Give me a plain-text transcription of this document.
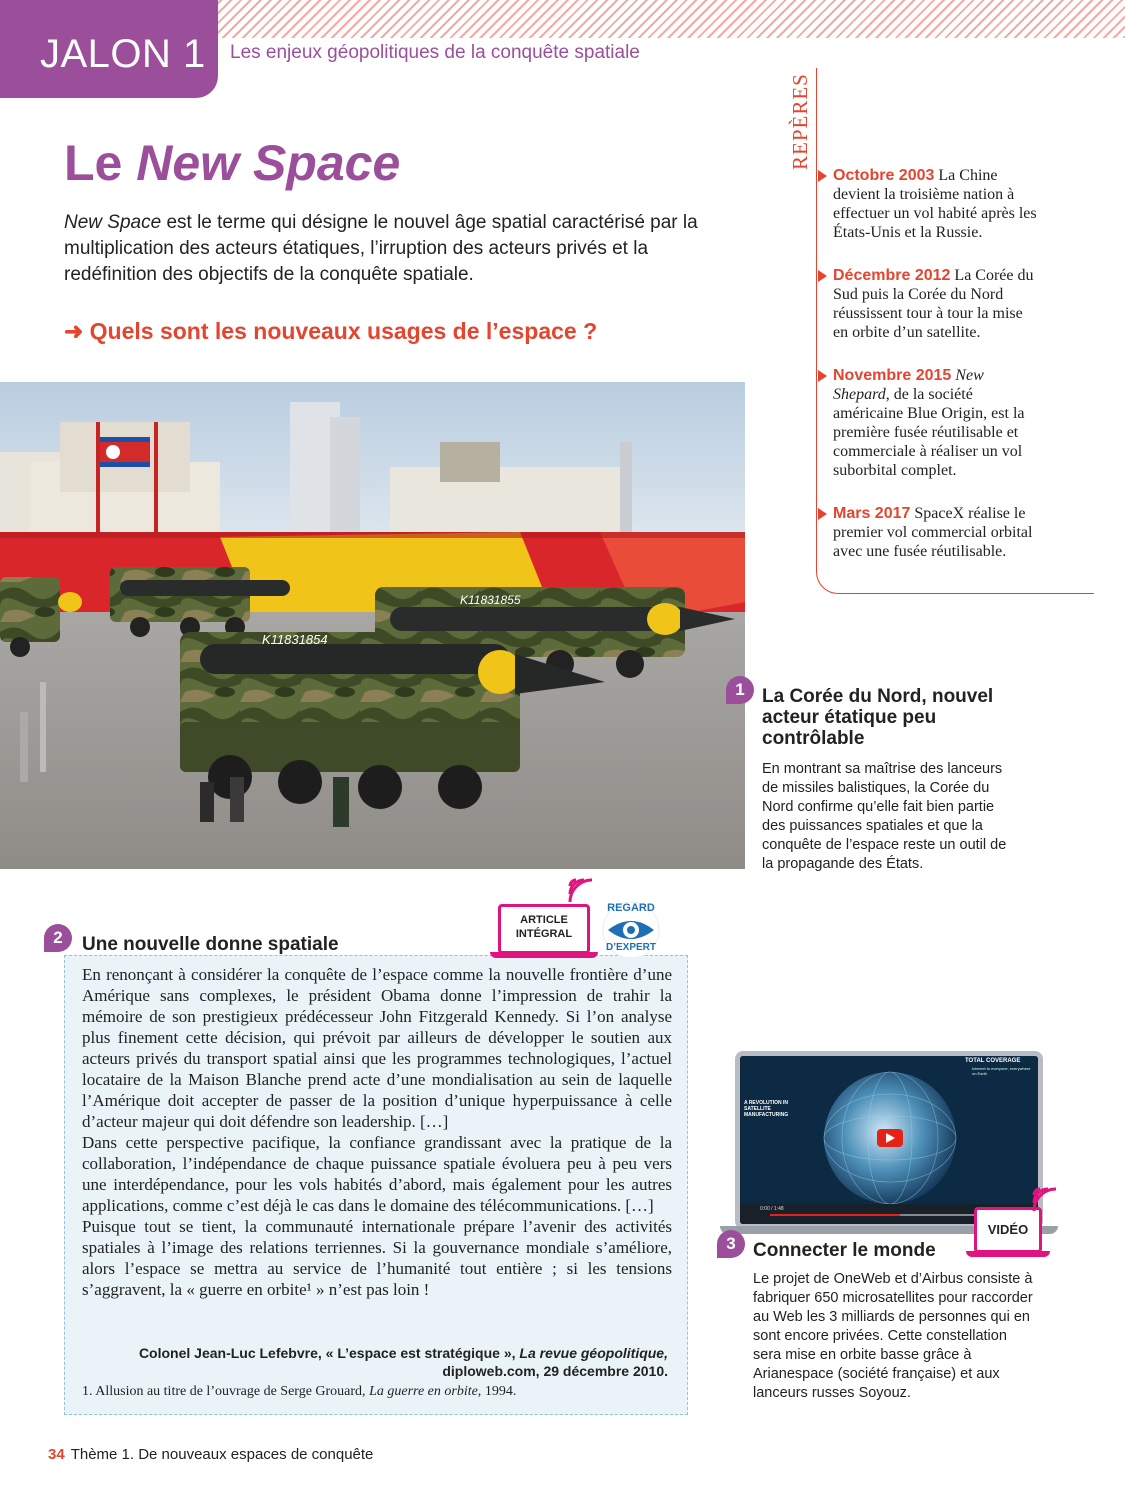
JALON 1 Les enjeux géopolitiques de la conquête spatiale
Le New Space
New Space est le terme qui désigne le nouvel âge spatial caractérisé par la multiplication des acteurs étatiques, l’irruption des acteurs privés et la redéfinition des objectifs de la conquête spatiale.
➜ Quels sont les nouveaux usages de l’espace ?
REPÈRES
Octobre 2003 La Chine devient la troisième nation à effectuer un vol habité après les États-Unis et la Russie.
Décembre 2012 La Corée du Sud puis la Corée du Nord réussissent tour à tour la mise en orbite d’un satellite.
Novembre 2015 New Shepard, de la société américaine Blue Origin, est la première fusée réutilisable et commerciale à réaliser un vol suborbital complet.
Mars 2017 SpaceX réalise le premier vol commercial orbital avec une fusée réutilisable.
K11831855
K11831854
1 La Corée du Nord, nouvel acteur étatique peu contrôlable
En montrant sa maîtrise des lanceurs de missiles balistiques, la Corée du Nord confirme qu’elle fait bien partie des puissances spatiales et que la conquête de l’espace reste un outil de la propagande des États.
2	Une nouvelle donne spatiale
ARTICLE INTÉGRAL
REGARD
D’EXPERT

En renonçant à considérer la conquête de l’espace comme la nouvelle frontière d’une Amérique sans complexes, le président Obama donne l’impression de trahir la mémoire de son prestigieux prédécesseur John Fitzgerald Kennedy. Si l’on analyse plus finement cette décision, qui prévoit par ailleurs de développer le soutien aux acteurs privés du transport spatial ainsi que les programmes technologiques, l’actuel locataire de la Maison Blanche prend acte d’une mondialisation au sein de laquelle l’Amérique doit accepter de passer de la position d’unique hyperpuissance à celle d’acteur majeur qui doit défendre son leadership. […]

Dans cette perspective pacifique, la confiance grandissant avec la pratique de la collaboration, l’indépendance de chaque puissance spatiale évoluera peu à peu vers une interdépendance, pour les vols habités d’abord, mais également pour les autres applications, comme c’est déjà le cas dans le domaine des télécommunications. […]

Puisque tout se tient, la communauté internationale prépare l’avenir des activités spatiales à l’image des relations terriennes. Si la gouvernance mondiale s’améliore, alors l’espace se mettra au service de l’humanité tout entière ; si les tensions s’aggravent, la « guerre en orbite¹ » n’est pas loin !

Colonel Jean-Luc Lefebvre, « L’espace est stratégique », La revue géopolitique,
diploweb.com, 29 décembre 2010.
1. Allusion au titre de l’ouvrage de Serge Grouard, La guerre en orbite, 1994.
TOTAL COVERAGE
Internet to everyone, everywhere on Earth
A REVOLUTION IN SATELLITE MANUFACTURING
0:00 / 1:48
VIDÉO
3 Connecter le monde
Le projet de OneWeb et d’Airbus consiste à fabriquer 650 microsatellites pour raccorder au Web les 3 milliards de personnes qui en sont encore privées. Cette constellation sera mise en orbite basse grâce à Arianespace (société française) et aux lanceurs russes Soyouz.
34 Thème 1. De nouveaux espaces de conquête
